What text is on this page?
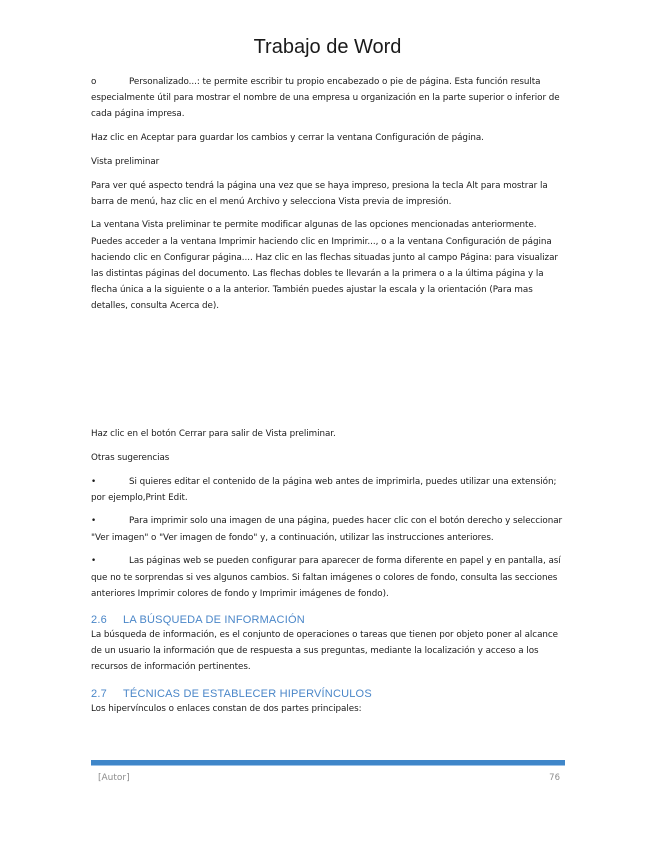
Trabajo de Word

o	Personalizado...: te permite escribir tu propio encabezado o pie de página. Esta función resulta especialmente útil para mostrar el nombre de una empresa u organización en la parte superior o inferior de cada página impresa.

Haz clic en Aceptar para guardar los cambios y cerrar la ventana Configuración de página.

Vista preliminar

Para ver qué aspecto tendrá la página una vez que se haya impreso, presiona la tecla Alt para mostrar la barra de menú, haz clic en el menú Archivo y selecciona Vista previa de impresión.

La ventana Vista preliminar te permite modificar algunas de las opciones mencionadas anteriormente. Puedes acceder a la ventana Imprimir haciendo clic en Imprimir..., o a la ventana Configuración de página haciendo clic en Configurar página.... Haz clic en las flechas situadas junto al campo Página: para visualizar las distintas páginas del documento. Las flechas dobles te llevarán a la primera o a la última página y la flecha única a la siguiente o a la anterior. También puedes ajustar la escala y la orientación (Para mas detalles, consulta Acerca de).

Haz clic en el botón Cerrar para salir de Vista preliminar.

Otras sugerencias

•	Si quieres editar el contenido de la página web antes de imprimirla, puedes utilizar una extensión; por ejemplo,Print Edit.

•	Para imprimir solo una imagen de una página, puedes hacer clic con el botón derecho y seleccionar "Ver imagen" o "Ver imagen de fondo" y, a continuación, utilizar las instrucciones anteriores.

•	Las páginas web se pueden configurar para aparecer de forma diferente en papel y en pantalla, así que no te sorprendas si ves algunos cambios. Si faltan imágenes o colores de fondo, consulta las secciones anteriores Imprimir colores de fondo y Imprimir imágenes de fondo).

2.6 LA BÚSQUEDA DE INFORMACIÓN

La búsqueda de información, es el conjunto de operaciones o tareas que tienen por objeto poner al alcance de un usuario la información que de respuesta a sus preguntas, mediante la localización y acceso a los recursos de información pertinentes.

2.7 TÉCNICAS DE ESTABLECER HIPERVÍNCULOS

Los hipervínculos o enlaces constan de dos partes principales:

[Autor]	76
